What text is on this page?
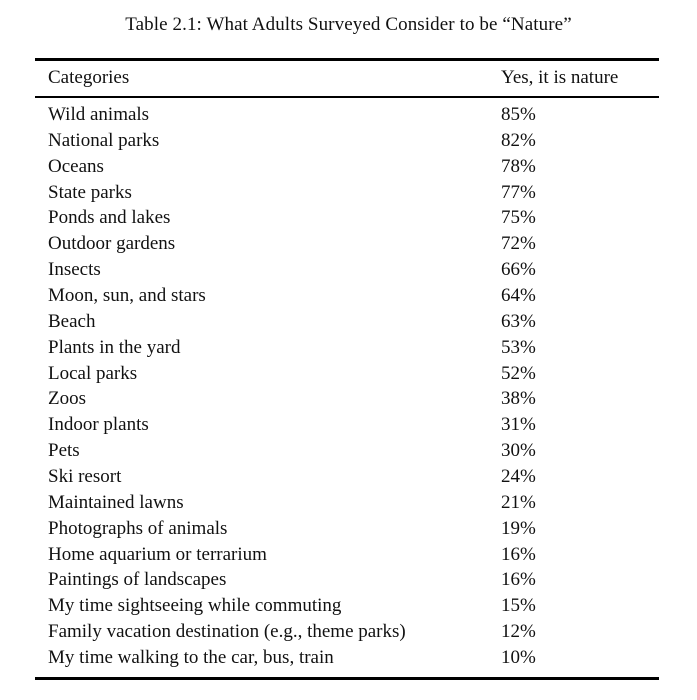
Table 2.1: What Adults Surveyed Consider to be “Nature”
Categories	Yes, it is nature
Wild animals	85%
National parks	82%
Oceans	78%
State parks	77%
Ponds and lakes	75%
Outdoor gardens	72%
Insects	66%
Moon, sun, and stars	64%
Beach	63%
Plants in the yard	53%
Local parks	52%
Zoos	38%
Indoor plants	31%
Pets	30%
Ski resort	24%
Maintained lawns	21%
Photographs of animals	19%
Home aquarium or terrarium	16%
Paintings of landscapes	16%
My time sightseeing while commuting	15%
Family vacation destination (e.g., theme parks)	12%
My time walking to the car, bus, train	10%
